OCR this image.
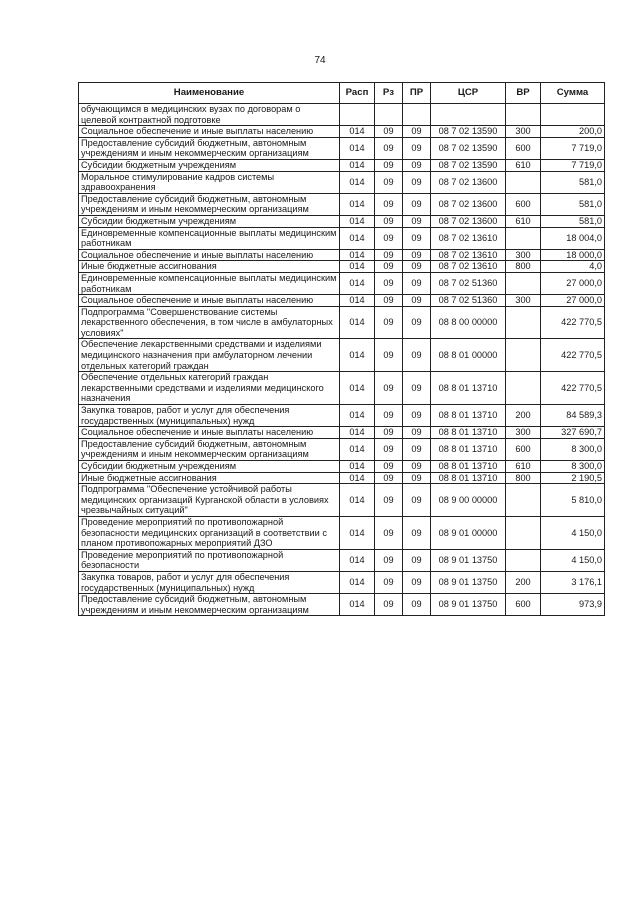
74
Наименование	Расп	Рз	ПР	ЦСР	ВР	Сумма
обучающимся в медицинских вузах по договорам о целевой контрактной подготовке						
Социальное обеспечение и иные выплаты населению	014	09	09	08 7 02 13590	300	200,0
Предоставление субсидий бюджетным, автономным учреждениям и иным некоммерческим организациям	014	09	09	08 7 02 13590	600	7 719,0
Субсидии бюджетным учреждениям	014	09	09	08 7 02 13590	610	7 719,0
Моральное стимулирование кадров системы здравоохранения	014	09	09	08 7 02 13600		581,0
Предоставление субсидий бюджетным, автономным учреждениям и иным некоммерческим организациям	014	09	09	08 7 02 13600	600	581,0
Субсидии бюджетным учреждениям	014	09	09	08 7 02 13600	610	581,0
Единовременные компенсационные выплаты медицинским работникам	014	09	09	08 7 02 13610		18 004,0
Социальное обеспечение и иные выплаты населению	014	09	09	08 7 02 13610	300	18 000,0
Иные бюджетные ассигнования	014	09	09	08 7 02 13610	800	4,0
Единовременные компенсационные выплаты медицинским работникам	014	09	09	08 7 02 51360		27 000,0
Социальное обеспечение и иные выплаты населению	014	09	09	08 7 02 51360	300	27 000,0
Подпрограмма "Совершенствование системы лекарственного обеспечения, в том числе в амбулаторных условиях"	014	09	09	08 8 00 00000		422 770,5
Обеспечение лекарственными средствами и изделиями медицинского назначения при амбулаторном лечении отдельных категорий граждан	014	09	09	08 8 01 00000		422 770,5
Обеспечение отдельных категорий граждан лекарственными средствами и изделиями медицинского назначения	014	09	09	08 8 01 13710		422 770,5
Закупка товаров, работ и услуг для обеспечения государственных (муниципальных) нужд	014	09	09	08 8 01 13710	200	84 589,3
Социальное обеспечение и иные выплаты населению	014	09	09	08 8 01 13710	300	327 690,7
Предоставление субсидий бюджетным, автономным учреждениям и иным некоммерческим организациям	014	09	09	08 8 01 13710	600	8 300,0
Субсидии бюджетным учреждениям	014	09	09	08 8 01 13710	610	8 300,0
Иные бюджетные ассигнования	014	09	09	08 8 01 13710	800	2 190,5
Подпрограмма "Обеспечение устойчивой работы медицинских организаций Курганской области в условиях чрезвычайных ситуаций"	014	09	09	08 9 00 00000		5 810,0
Проведение мероприятий по противопожарной безопасности медицинских организаций в соответствии с планом противопожарных мероприятий ДЗО	014	09	09	08 9 01 00000		4 150,0
Проведение мероприятий по противопожарной безопасности	014	09	09	08 9 01 13750		4 150,0
Закупка товаров, работ и услуг для обеспечения государственных (муниципальных) нужд	014	09	09	08 9 01 13750	200	3 176,1
Предоставление субсидий бюджетным, автономным учреждениям и иным некоммерческим организациям	014	09	09	08 9 01 13750	600	973,9
